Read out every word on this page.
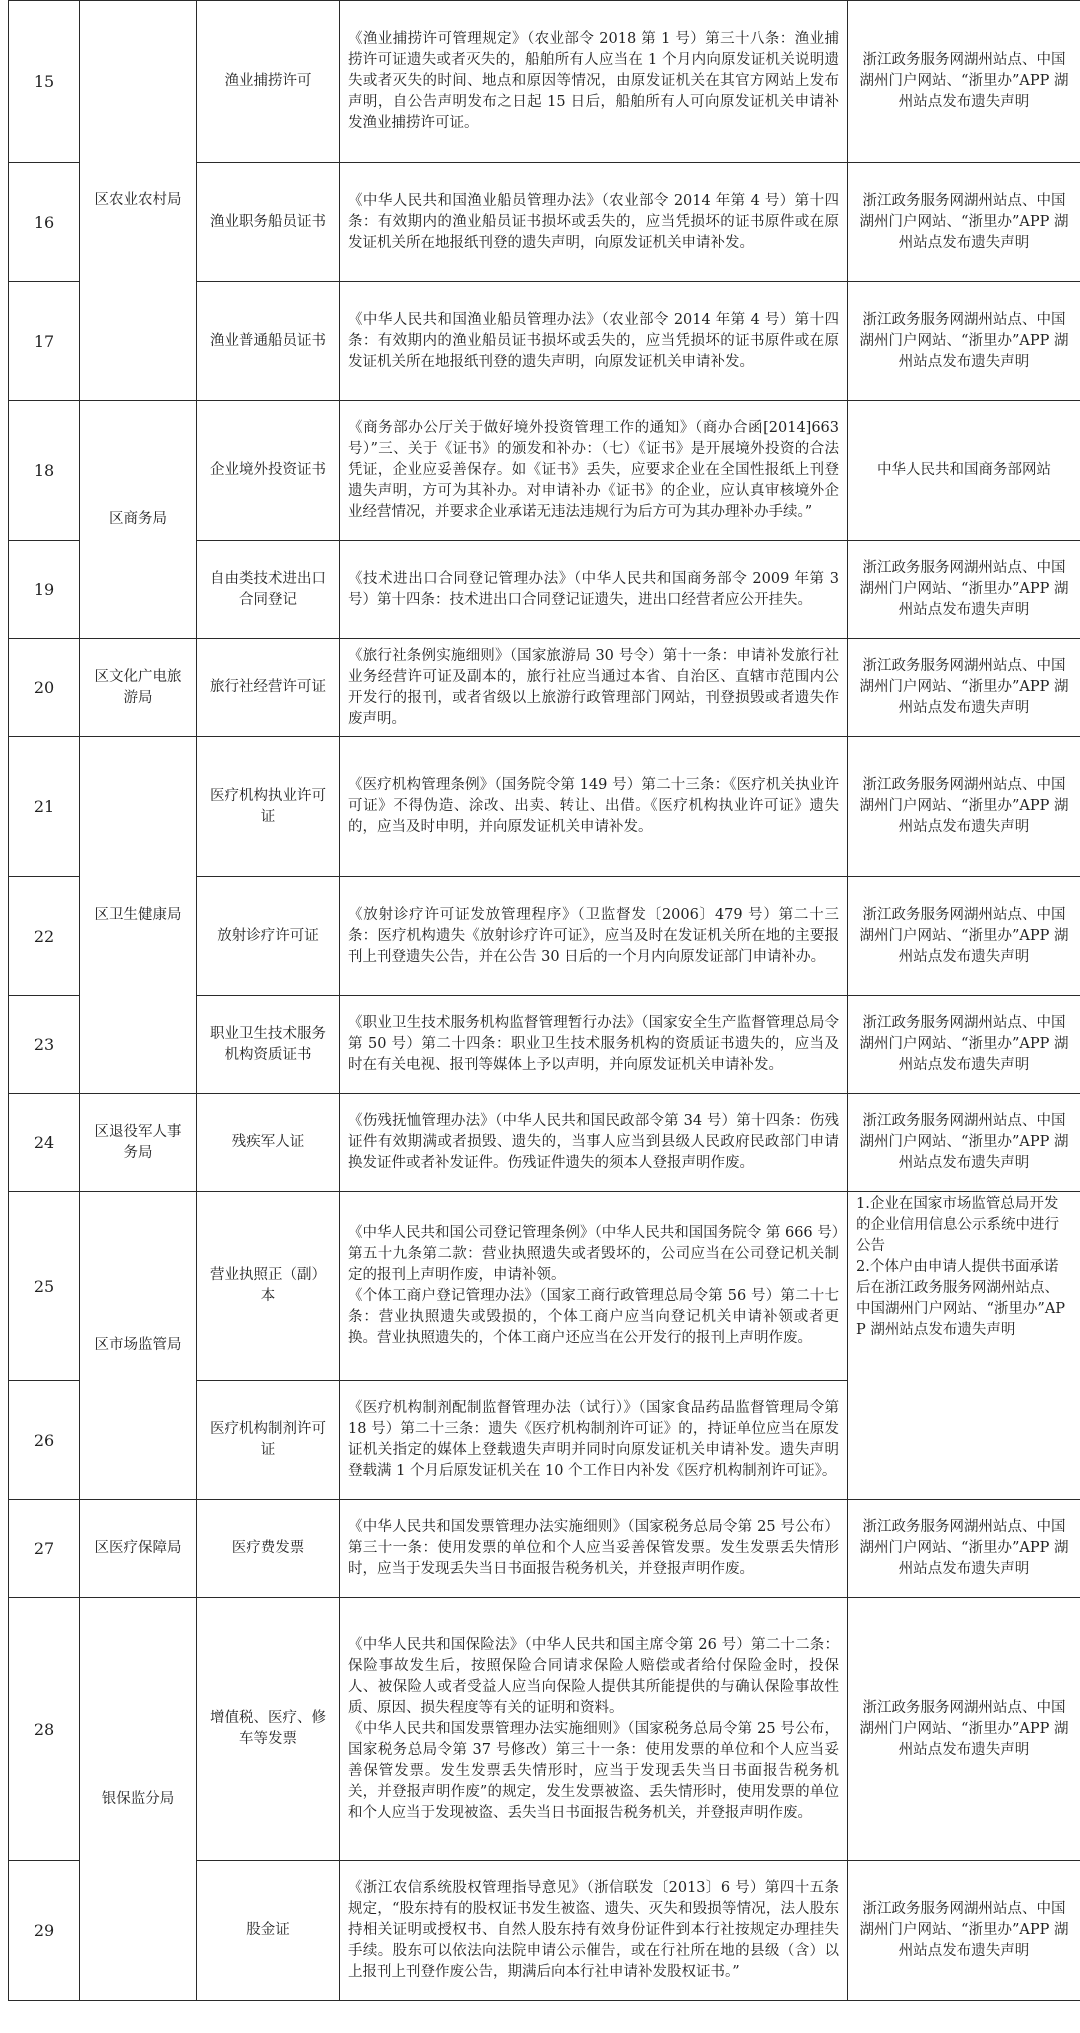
15	区农业农村局	渔业捕捞许可	《渔业捕捞许可管理规定》（农业部令 2018 第 1 号）第三十八条：渔业捕捞许可证遗失或者灭失的，船舶所有人应当在 1 个月内向原发证机关说明遗失或者灭失的时间、地点和原因等情况，由原发证机关在其官方网站上发布声明，自公告声明发布之日起 15 日后，船舶所有人可向原发证机关申请补发渔业捕捞许可证。	浙江政务服务网湖州站点、中国湖州门户网站、“浙里办”APP 湖州站点发布遗失声明

16		渔业职务船员证书	《中华人民共和国渔业船员管理办法》（农业部令 2014 年第 4 号）第十四条：有效期内的渔业船员证书损坏或丢失的，应当凭损坏的证书原件或在原发证机关所在地报纸刊登的遗失声明，向原发证机关申请补发。	浙江政务服务网湖州站点、中国湖州门户网站、“浙里办”APP 湖州站点发布遗失声明

17		渔业普通船员证书	《中华人民共和国渔业船员管理办法》（农业部令 2014 年第 4 号）第十四条：有效期内的渔业船员证书损坏或丢失的，应当凭损坏的证书原件或在原发证机关所在地报纸刊登的遗失声明，向原发证机关申请补发。	浙江政务服务网湖州站点、中国湖州门户网站、“浙里办”APP 湖州站点发布遗失声明

18	区商务局	企业境外投资证书	《商务部办公厅关于做好境外投资管理工作的通知》（商办合函[2014]663 号）”三、关于《证书》的颁发和补办：（七）《证书》是开展境外投资的合法凭证，企业应妥善保存。如《证书》丢失，应要求企业在全国性报纸上刊登遗失声明，方可为其补办。对申请补办《证书》的企业，应认真审核境外企业经营情况，并要求企业承诺无违法违规行为后方可为其办理补办手续。”	中华人民共和国商务部网站

19		自由类技术进出口合同登记	《技术进出口合同登记管理办法》（中华人民共和国商务部令 2009 年第 3 号）第十四条：技术进出口合同登记证遗失，进出口经营者应公开挂失。	浙江政务服务网湖州站点、中国湖州门户网站、“浙里办”APP 湖州站点发布遗失声明

20	区文化广电旅游局	旅行社经营许可证	《旅行社条例实施细则》（国家旅游局 30 号令）第十一条：申请补发旅行社业务经营许可证及副本的，旅行社应当通过本省、自治区、直辖市范围内公开发行的报刊，或者省级以上旅游行政管理部门网站，刊登损毁或者遗失作废声明。	浙江政务服务网湖州站点、中国湖州门户网站、“浙里办”APP 湖州站点发布遗失声明

21	区卫生健康局	医疗机构执业许可证	《医疗机构管理条例》（国务院令第 149 号）第二十三条：《医疗机关执业许可证》不得伪造、涂改、出卖、转让、出借。《医疗机构执业许可证》遗失的，应当及时申明，并向原发证机关申请补发。	浙江政务服务网湖州站点、中国湖州门户网站、“浙里办”APP 湖州站点发布遗失声明

22		放射诊疗许可证	《放射诊疗许可证发放管理程序》（卫监督发〔2006〕479 号）第二十三条：医疗机构遗失《放射诊疗许可证》，应当及时在发证机关所在地的主要报刊上刊登遗失公告，并在公告 30 日后的一个月内向原发证部门申请补办。	浙江政务服务网湖州站点、中国湖州门户网站、“浙里办”APP 湖州站点发布遗失声明

23		职业卫生技术服务机构资质证书	《职业卫生技术服务机构监督管理暂行办法》（国家安全生产监督管理总局令第 50 号）第二十四条：职业卫生技术服务机构的资质证书遗失的，应当及时在有关电视、报刊等媒体上予以声明，并向原发证机关申请补发。	浙江政务服务网湖州站点、中国湖州门户网站、“浙里办”APP 湖州站点发布遗失声明

24	区退役军人事务局	残疾军人证	《伤残抚恤管理办法》（中华人民共和国民政部令第 34 号）第十四条：伤残证件有效期满或者损毁、遗失的，当事人应当到县级人民政府民政部门申请换发证件或者补发证件。伤残证件遗失的须本人登报声明作废。	浙江政务服务网湖州站点、中国湖州门户网站、“浙里办”APP 湖州站点发布遗失声明

25	区市场监管局	营业执照正（副）本	《中华人民共和国公司登记管理条例》（中华人民共和国国务院令 第 666 号）第五十九条第二款：营业执照遗失或者毁坏的，公司应当在公司登记机关制定的报刊上声明作废，申请补领。
《个体工商户登记管理办法》（国家工商行政管理总局令第 56 号）第二十七条：营业执照遗失或毁损的，个体工商户应当向登记机关申请补领或者更换。营业执照遗失的，个体工商户还应当在公开发行的报刊上声明作废。	1.企业在国家市场监管总局开发的企业信用信息公示系统中进行公告
2.个体户由申请人提供书面承诺后在浙江政务服务网湖州站点、中国湖州门户网站、“浙里办”APP 湖州站点发布遗失声明

26		医疗机构制剂许可证	《医疗机构制剂配制监督管理办法（试行）》（国家食品药品监督管理局令第 18 号）第二十三条：遗失《医疗机构制剂许可证》的，持证单位应当在原发证机关指定的媒体上登载遗失声明并同时向原发证机关申请补发。遗失声明登载满 1 个月后原发证机关在 10 个工作日内补发《医疗机构制剂许可证》。	

27	区医疗保障局	医疗费发票	《中华人民共和国发票管理办法实施细则》（国家税务总局令第 25 号公布）第三十一条：使用发票的单位和个人应当妥善保管发票。发生发票丢失情形时，应当于发现丢失当日书面报告税务机关，并登报声明作废。	浙江政务服务网湖州站点、中国湖州门户网站、“浙里办”APP 湖州站点发布遗失声明

28	银保监分局	增值税、医疗、修车等发票	《中华人民共和国保险法》（中华人民共和国主席令第 26 号）第二十二条：保险事故发生后，按照保险合同请求保险人赔偿或者给付保险金时，投保人、被保险人或者受益人应当向保险人提供其所能提供的与确认保险事故性质、原因、损失程度等有关的证明和资料。
《中华人民共和国发票管理办法实施细则》（国家税务总局令第 25 号公布，国家税务总局令第 37 号修改）第三十一条：使用发票的单位和个人应当妥善保管发票。发生发票丢失情形时，应当于发现丢失当日书面报告税务机关，并登报声明作废”的规定，发生发票被盗、丢失情形时，使用发票的单位和个人应当于发现被盗、丢失当日书面报告税务机关，并登报声明作废。	浙江政务服务网湖州站点、中国湖州门户网站、“浙里办”APP 湖州站点发布遗失声明

29		股金证	《浙江农信系统股权管理指导意见》（浙信联发〔2013〕6 号）第四十五条规定，“股东持有的股权证书发生被盗、遗失、灭失和毁损等情况，法人股东持相关证明或授权书、自然人股东持有效身份证件到本行社按规定办理挂失手续。股东可以依法向法院申请公示催告，或在行社所在地的县级（含）以上报刊上刊登作废公告，期满后向本行社申请补发股权证书。”	浙江政务服务网湖州站点、中国湖州门户网站、“浙里办”APP 湖州站点发布遗失声明
